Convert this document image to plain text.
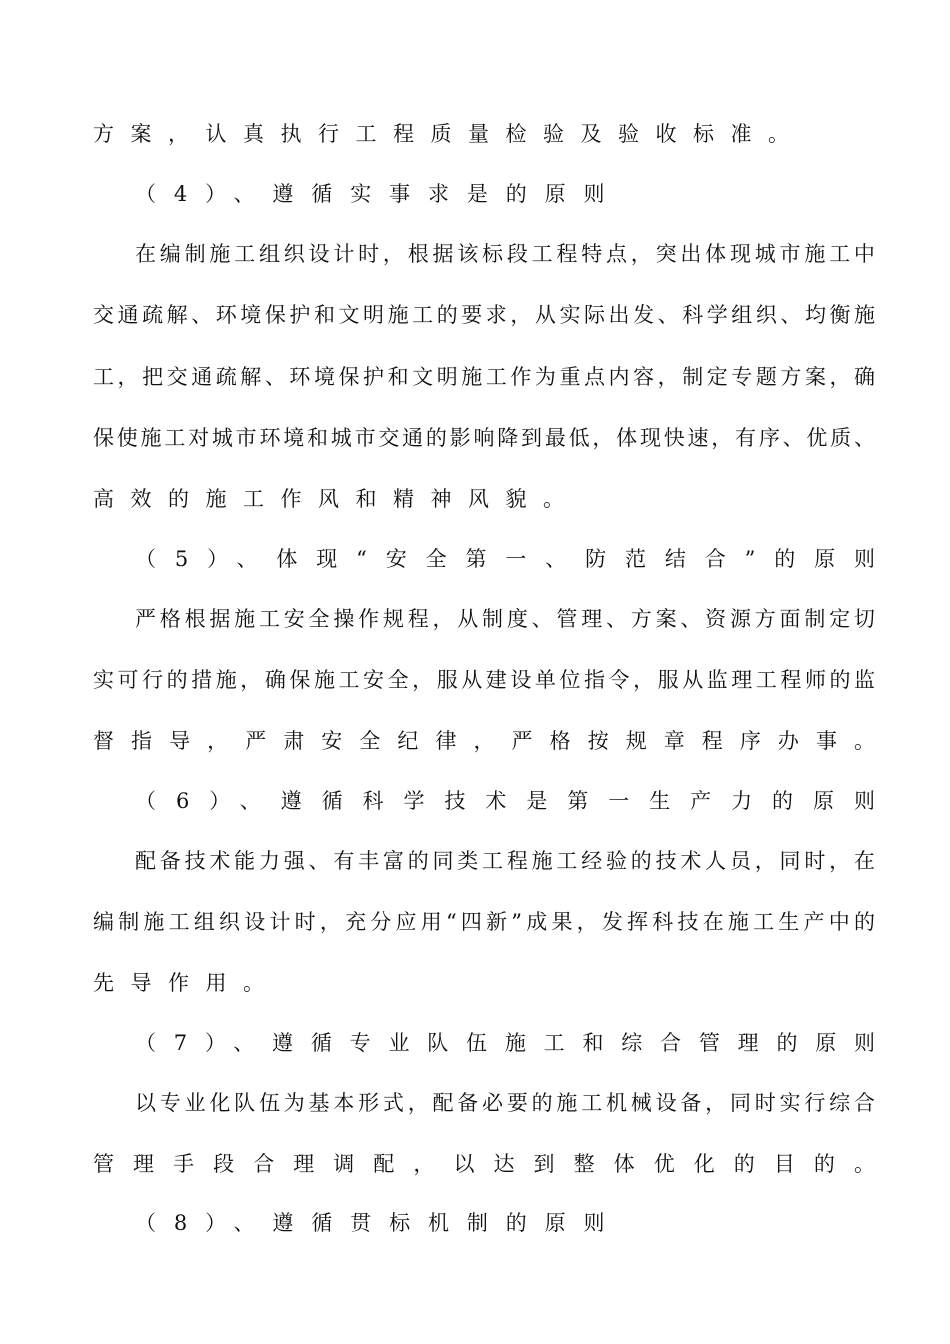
方案，认真执行工程质量检验及验收标准。
（4）、遵循实事求是的原则
在编制施工组织设计时，根据该标段工程特点，突出体现城市施工中
交通疏解、环境保护和文明施工的要求，从实际出发、科学组织、均衡施
工，把交通疏解、环境保护和文明施工作为重点内容，制定专题方案，确
保使施工对城市环境和城市交通的影响降到最低，体现快速，有序、优质、
高效的施工作风和精神风貌。
（5）、体现“安全第一、防范结合”的原则
严格根据施工安全操作规程，从制度、管理、方案、资源方面制定切
实可行的措施，确保施工安全，服从建设单位指令，服从监理工程师的监
督指导，严肃安全纪律，严格按规章程序办事。
（6）、遵循科学技术是第一生产力的原则
配备技术能力强、有丰富的同类工程施工经验的技术人员，同时，在
编制施工组织设计时，充分应用“四新”成果，发挥科技在施工生产中的
先导作用。
（7）、遵循专业队伍施工和综合管理的原则
以专业化队伍为基本形式，配备必要的施工机械设备，同时实行综合
管理手段合理调配，以达到整体优化的目的。
（8）、遵循贯标机制的原则
